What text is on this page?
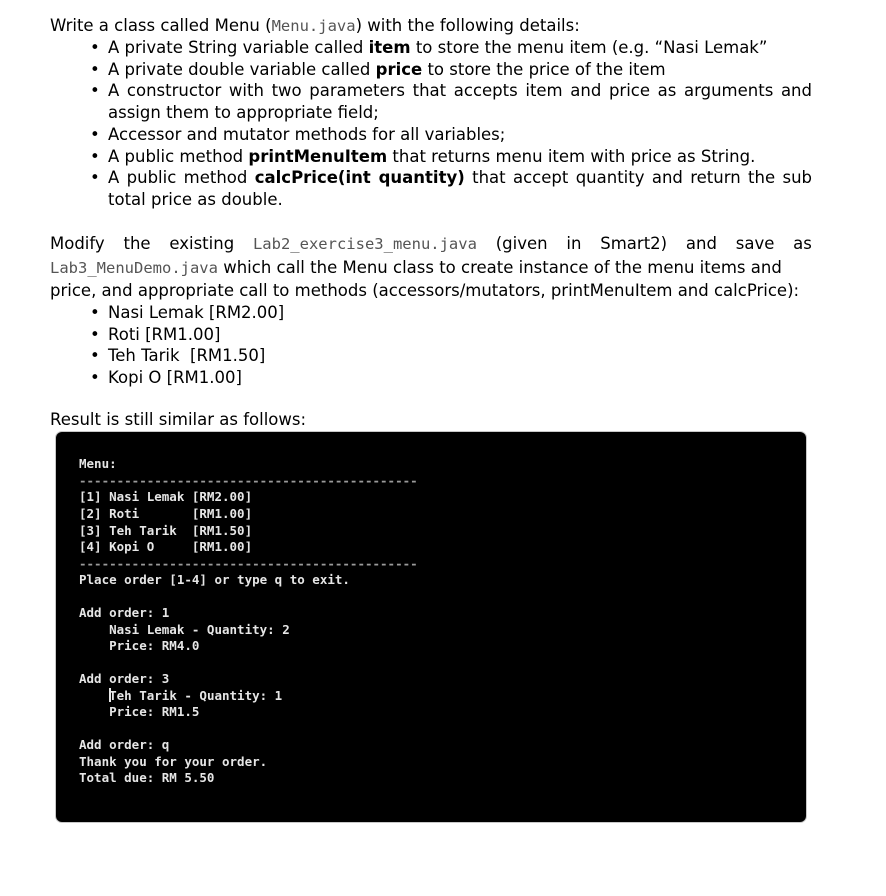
Write a class called Menu (Menu.java) with the following details:
• A private String variable called item to store the menu item (e.g. “Nasi Lemak”
• A private double variable called price to store the price of the item
• A constructor with two parameters that accepts item and price as arguments and assign them to appropriate field;
• Accessor and mutator methods for all variables;
• A public method printMenuItem that returns menu item with price as String.
• A public method calcPrice(int quantity) that accept quantity and return the sub total price as double.
Modify the existing Lab2_exercise3_menu.java (given in Smart2) and save as
Lab3_MenuDemo.java which call the Menu class to create instance of the menu items and
price, and appropriate call to methods (accessors/mutators, printMenuItem and calcPrice):
• Nasi Lemak [RM2.00]
• Roti [RM1.00]
• Teh Tarik  [RM1.50]
• Kopi O [RM1.00]
Result is still similar as follows:
Menu:
---------------------------------------------
[1] Nasi Lemak [RM2.00]
[2] Roti       [RM1.00]
[3] Teh Tarik  [RM1.50]
[4] Kopi O     [RM1.00]
---------------------------------------------
Place order [1-4] or type q to exit.
Add order: 1
Nasi Lemak - Quantity: 2
Price: RM4.0
Add order: 3
Teh Tarik - Quantity: 1
Price: RM1.5
Add order: q
Thank you for your order.
Total due: RM 5.50
